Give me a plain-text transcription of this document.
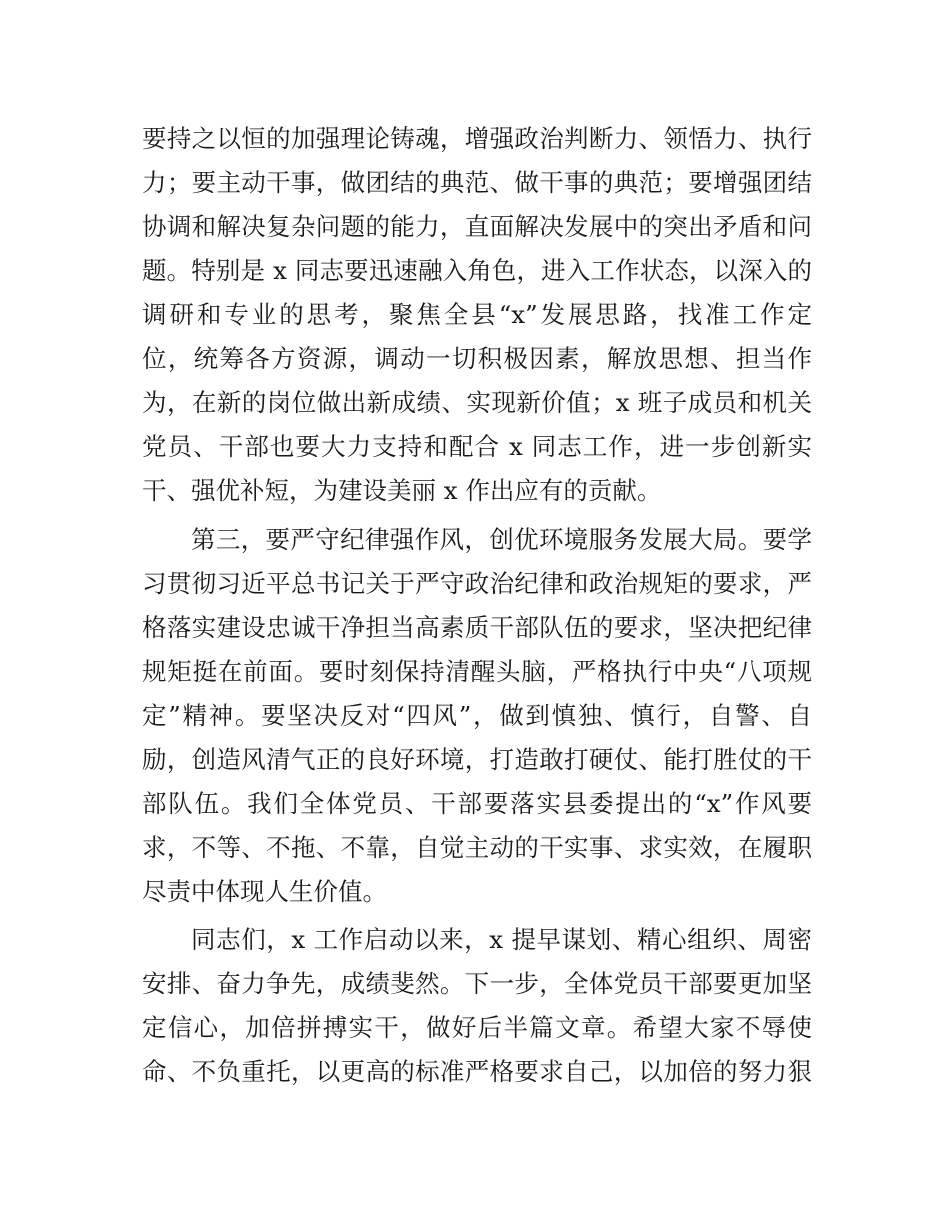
要持之以恒的加强理论铸魂，增强政治判断力、领悟力、执行
力；要主动干事，做团结的典范、做干事的典范；要增强团结
协调和解决复杂问题的能力，直面解决发展中的突出矛盾和问
题。特别是 x 同志要迅速融入角色，进入工作状态，以深入的
调研和专业的思考，聚焦全县“x”发展思路，找准工作定
位，统筹各方资源，调动一切积极因素，解放思想、担当作
为，在新的岗位做出新成绩、实现新价值；x 班子成员和机关
党员、干部也要大力支持和配合 x 同志工作，进一步创新实
干、强优补短，为建设美丽 x 作出应有的贡献。
第三，要严守纪律强作风，创优环境服务发展大局。要学
习贯彻习近平总书记关于严守政治纪律和政治规矩的要求，严
格落实建设忠诚干净担当高素质干部队伍的要求，坚决把纪律
规矩挺在前面。要时刻保持清醒头脑，严格执行中央“八项规
定”精神。要坚决反对“四风”，做到慎独、慎行，自警、自
励，创造风清气正的良好环境，打造敢打硬仗、能打胜仗的干
部队伍。我们全体党员、干部要落实县委提出的“x”作风要
求，不等、不拖、不靠，自觉主动的干实事、求实效，在履职
尽责中体现人生价值。
同志们，x 工作启动以来，x 提早谋划、精心组织、周密
安排、奋力争先，成绩斐然。下一步，全体党员干部要更加坚
定信心，加倍拼搏实干，做好后半篇文章。希望大家不辱使
命、不负重托，以更高的标准严格要求自己，以加倍的努力狠
